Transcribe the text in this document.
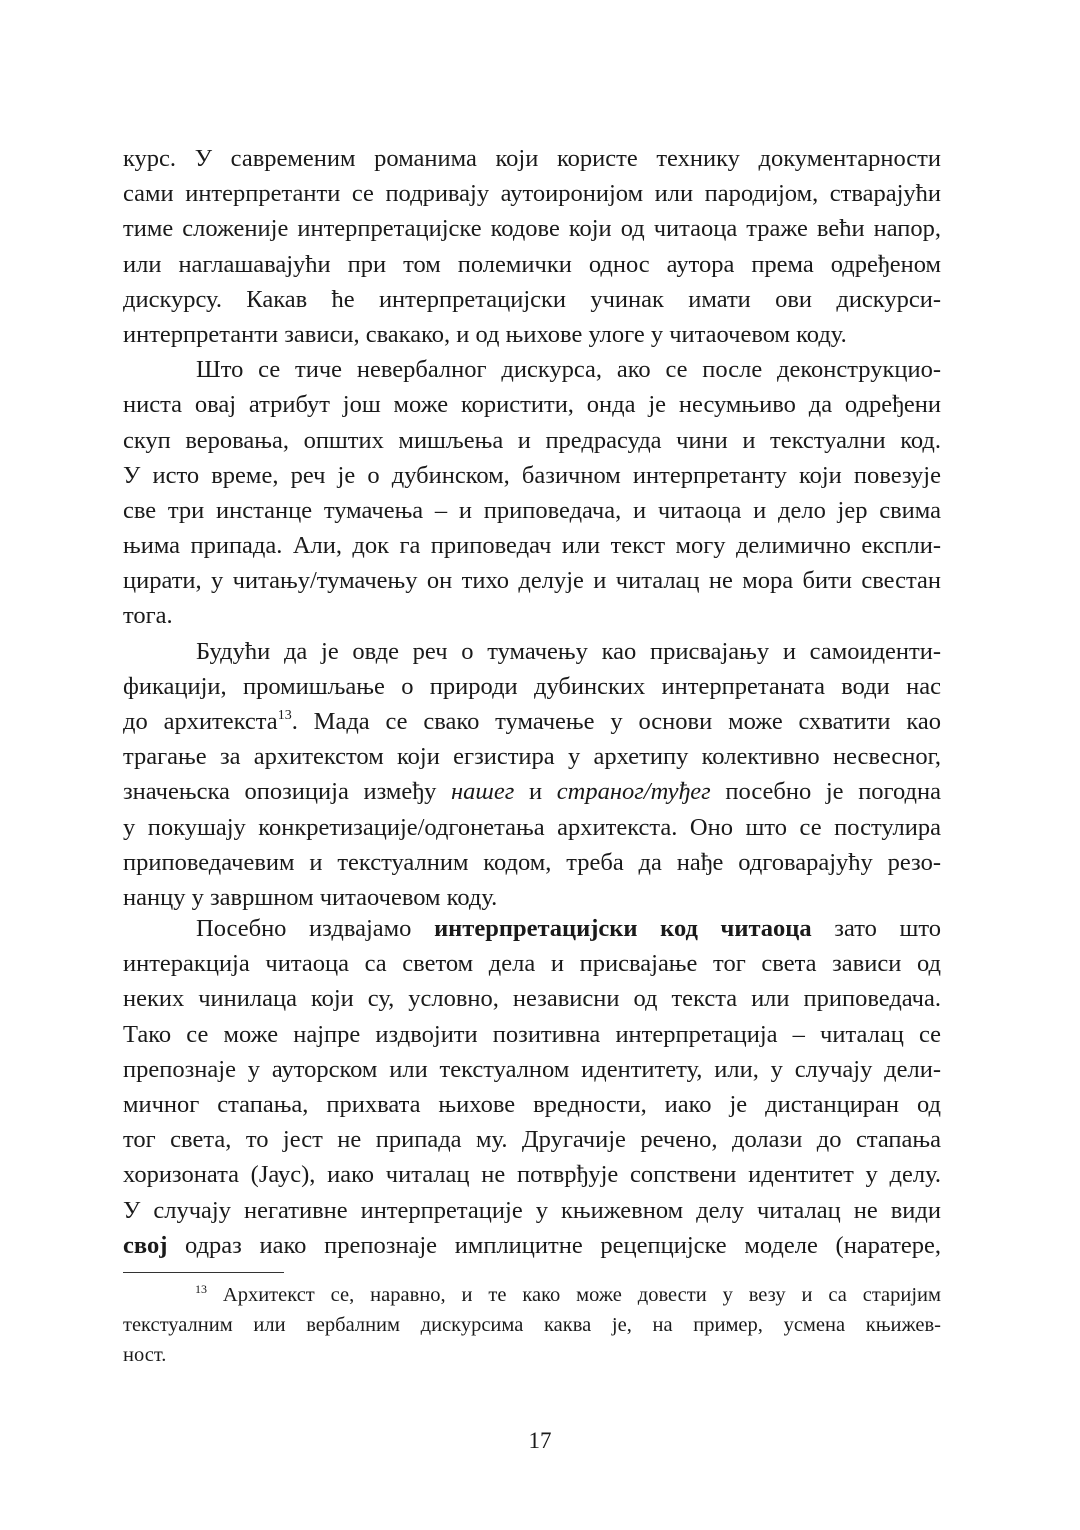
курс. У савременим романима који користе технику документарности
сами интерпретанти се подривају аутоиронијом или пародијом, стварајући
тиме сложеније интерпретацијске кодове који од читаоца траже већи напор,
или наглашавајући при том полемички однос аутора према одређеном
дискурсу. Какав ће интерпретацијски учинак имати ови дискурси-
интерпретанти зависи, свакако, и од њихове улоге у читаочевом коду.
Што се тиче невербалног дискурса, ако се после деконструкцио-
ниста овај атрибут још може користити, онда је несумњиво да одређени
скуп веровања, општих мишљења и предрасуда чини и текстуални код.
У исто време, реч је о дубинском, базичном интерпретанту који повезује
све три инстанце тумачења – и приповедача, и читаоца и дело јер свима
њима припада. Али, док га приповедач или текст могу делимично експли-
цирати, у читању/тумачењу он тихо делује и читалац не мора бити свестан
тога.
Будући да је овде реч о тумачењу као присвајању и самоиденти-
фикацији, промишљање о природи дубинских интерпретаната води нас
до архитекста$^{13}$. Мада се свако тумачење у основи може схватити као
трагање за архитекстом који егзистира у архетипу колективно несвесног,
значењска опозиција између нашег и страног/туђег посебно је погодна
у покушају конкретизације/одгонетања архитекста. Оно што се постулира
приповедачевим и текстуалним кодом, треба да нађе одговарајућу резо-
нанцу у завршном читаочевом коду.
Посебно издвајамо интерпретацијски код читаоца зато што
интеракција читаоца са светом дела и присвајање тог света зависи од
неких чинилаца који су, условно, независни од текста или приповедача.
Тако се може најпре издвојити позитивна интерпретација – читалац се
препознаје у ауторском или текстуалном идентитету, или, у случају дели-
мичног стапања, прихвата њихове вредности, иако је дистанциран од
тог света, то јест не припада му. Другачије речено, долази до стапања
хоризоната (Јаус), иако читалац не потврђује сопствени идентитет у делу.
У случају негативне интерпретације у књижевном делу читалац не види
свој одраз иако препознаје имплицитне рецепцијске моделе (наратере,
$^{13}$ Архитекст се, наравно, и те како може довести у везу и са старијим
текстуалним или вербалним дискурсима каква је, на пример, усмена књижев-
ност.
17
